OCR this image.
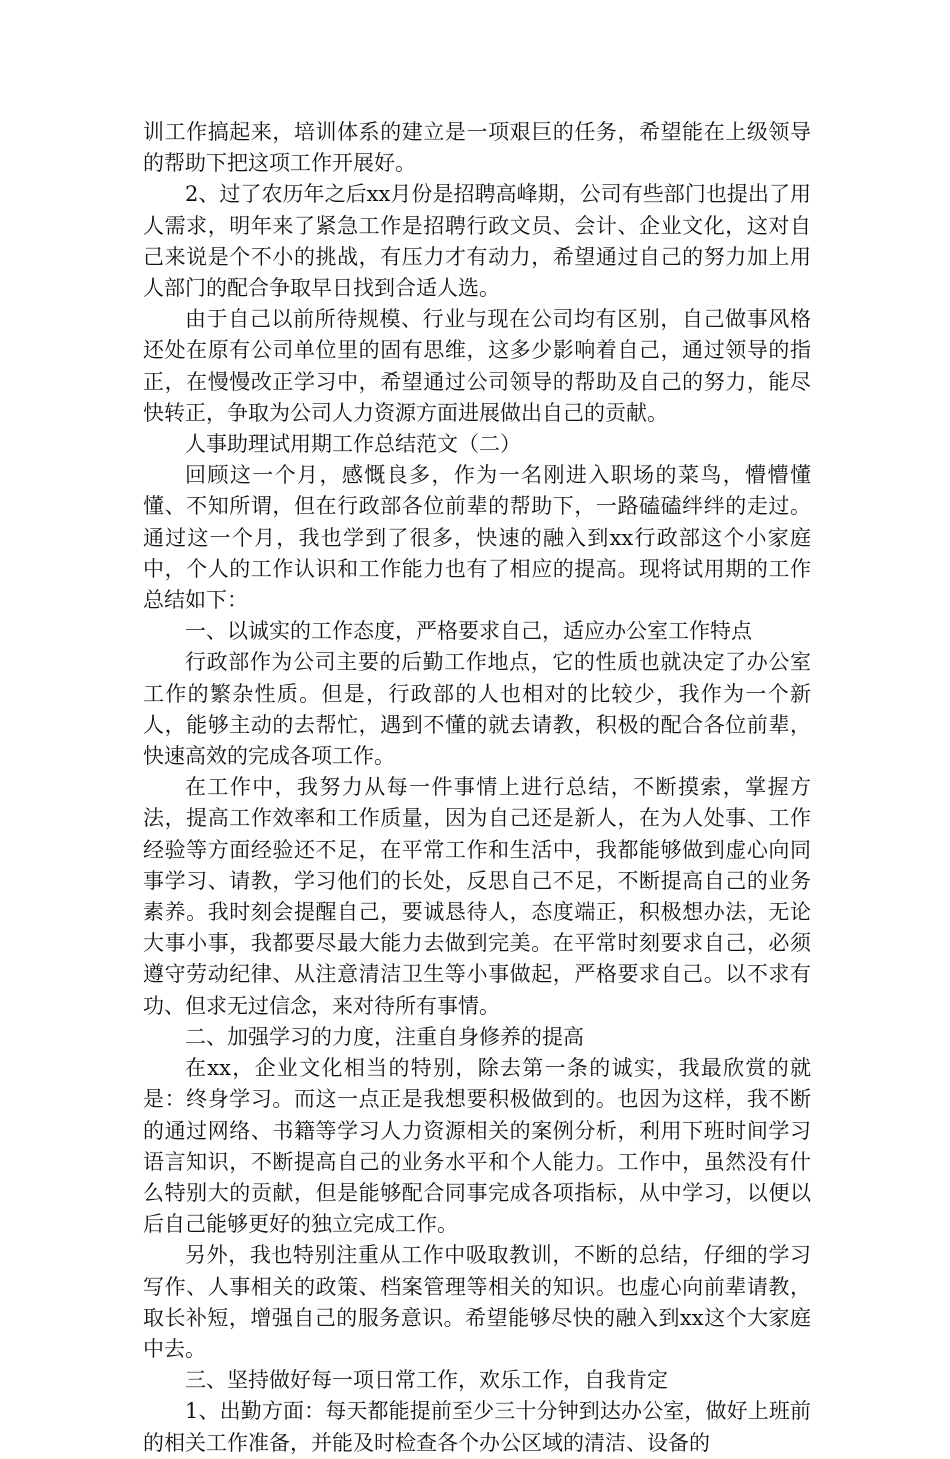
训工作搞起来，培训体系的建立是一项艰巨的任务，希望能在上级领导的帮助下把这项工作开展好。

2、过了农历年之后xx月份是招聘高峰期，公司有些部门也提出了用人需求，明年来了紧急工作是招聘行政文员、会计、企业文化，这对自己来说是个不小的挑战，有压力才有动力，希望通过自己的努力加上用人部门的配合争取早日找到合适人选。

由于自己以前所待规模、行业与现在公司均有区别，自己做事风格还处在原有公司单位里的固有思维，这多少影响着自己，通过领导的指正，在慢慢改正学习中，希望通过公司领导的帮助及自己的努力，能尽快转正，争取为公司人力资源方面进展做出自己的贡献。

人事助理试用期工作总结范文（二）

回顾这一个月，感慨良多，作为一名刚进入职场的菜鸟，懵懵懂懂、不知所谓，但在行政部各位前辈的帮助下，一路磕磕绊绊的走过。通过这一个月，我也学到了很多，快速的融入到xx行政部这个小家庭中，个人的工作认识和工作能力也有了相应的提高。现将试用期的工作总结如下：

一、以诚实的工作态度，严格要求自己，适应办公室工作特点

行政部作为公司主要的后勤工作地点，它的性质也就决定了办公室工作的繁杂性质。但是，行政部的人也相对的比较少，我作为一个新人，能够主动的去帮忙，遇到不懂的就去请教，积极的配合各位前辈，快速高效的完成各项工作。

在工作中，我努力从每一件事情上进行总结，不断摸索，掌握方法，提高工作效率和工作质量，因为自己还是新人，在为人处事、工作经验等方面经验还不足，在平常工作和生活中，我都能够做到虚心向同事学习、请教，学习他们的长处，反思自己不足，不断提高自己的业务素养。我时刻会提醒自己，要诚恳待人，态度端正，积极想办法，无论大事小事，我都要尽最大能力去做到完美。在平常时刻要求自己，必须遵守劳动纪律、从注意清洁卫生等小事做起，严格要求自己。以不求有功、但求无过信念，来对待所有事情。

二、加强学习的力度，注重自身修养的提高

在xx，企业文化相当的特别，除去第一条的诚实，我最欣赏的就是：终身学习。而这一点正是我想要积极做到的。也因为这样，我不断的通过网络、书籍等学习人力资源相关的案例分析，利用下班时间学习语言知识，不断提高自己的业务水平和个人能力。工作中，虽然没有什么特别大的贡献，但是能够配合同事完成各项指标，从中学习，以便以后自己能够更好的独立完成工作。

另外，我也特别注重从工作中吸取教训，不断的总结，仔细的学习写作、人事相关的政策、档案管理等相关的知识。也虚心向前辈请教，取长补短，增强自己的服务意识。希望能够尽快的融入到xx这个大家庭中去。

三、坚持做好每一项日常工作，欢乐工作，自我肯定

1、出勤方面：每天都能提前至少三十分钟到达办公室，做好上班前的相关工作准备，并能及时检查各个办公区域的清洁、设备的
